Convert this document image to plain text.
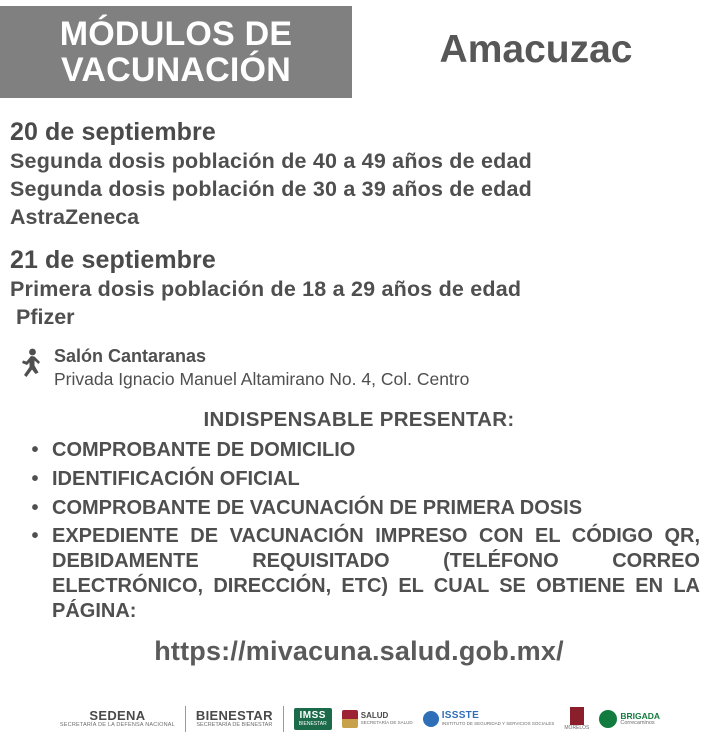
MÓDULOS DE VACUNACIÓN	Amacuzac
20 de septiembre
Segunda dosis población de 40 a 49 años de edad
Segunda dosis población de 30 a 39 años de edad
AstraZeneca
21 de septiembre
Primera dosis población de 18 a 29 años de edad
Pfizer
Salón Cantaranas
Privada Ignacio Manuel Altamirano No. 4, Col. Centro
INDISPENSABLE PRESENTAR:
• COMPROBANTE DE DOMICILIO
• IDENTIFICACIÓN OFICIAL
• COMPROBANTE DE VACUNACIÓN DE PRIMERA DOSIS
• EXPEDIENTE DE VACUNACIÓN IMPRESO CON EL CÓDIGO QR, DEBIDAMENTE REQUISITADO (TELÉFONO CORREO ELECTRÓNICO, DIRECCIÓN, ETC) EL CUAL SE OBTIENE EN LA PÁGINA:
https://mivacuna.salud.gob.mx/
SEDENA
SECRETARÍA DE LA DEFENSA NACIONAL
BIENESTAR
SECRETARÍA DE BIENESTAR
IMSS
BIENESTAR
SALUD
SECRETARÍA DE SALUD
ISSSTE
INSTITUTO DE SEGURIDAD Y SERVICIOS SOCIALES
MORELOS
BRIGADA
Correcaminos
